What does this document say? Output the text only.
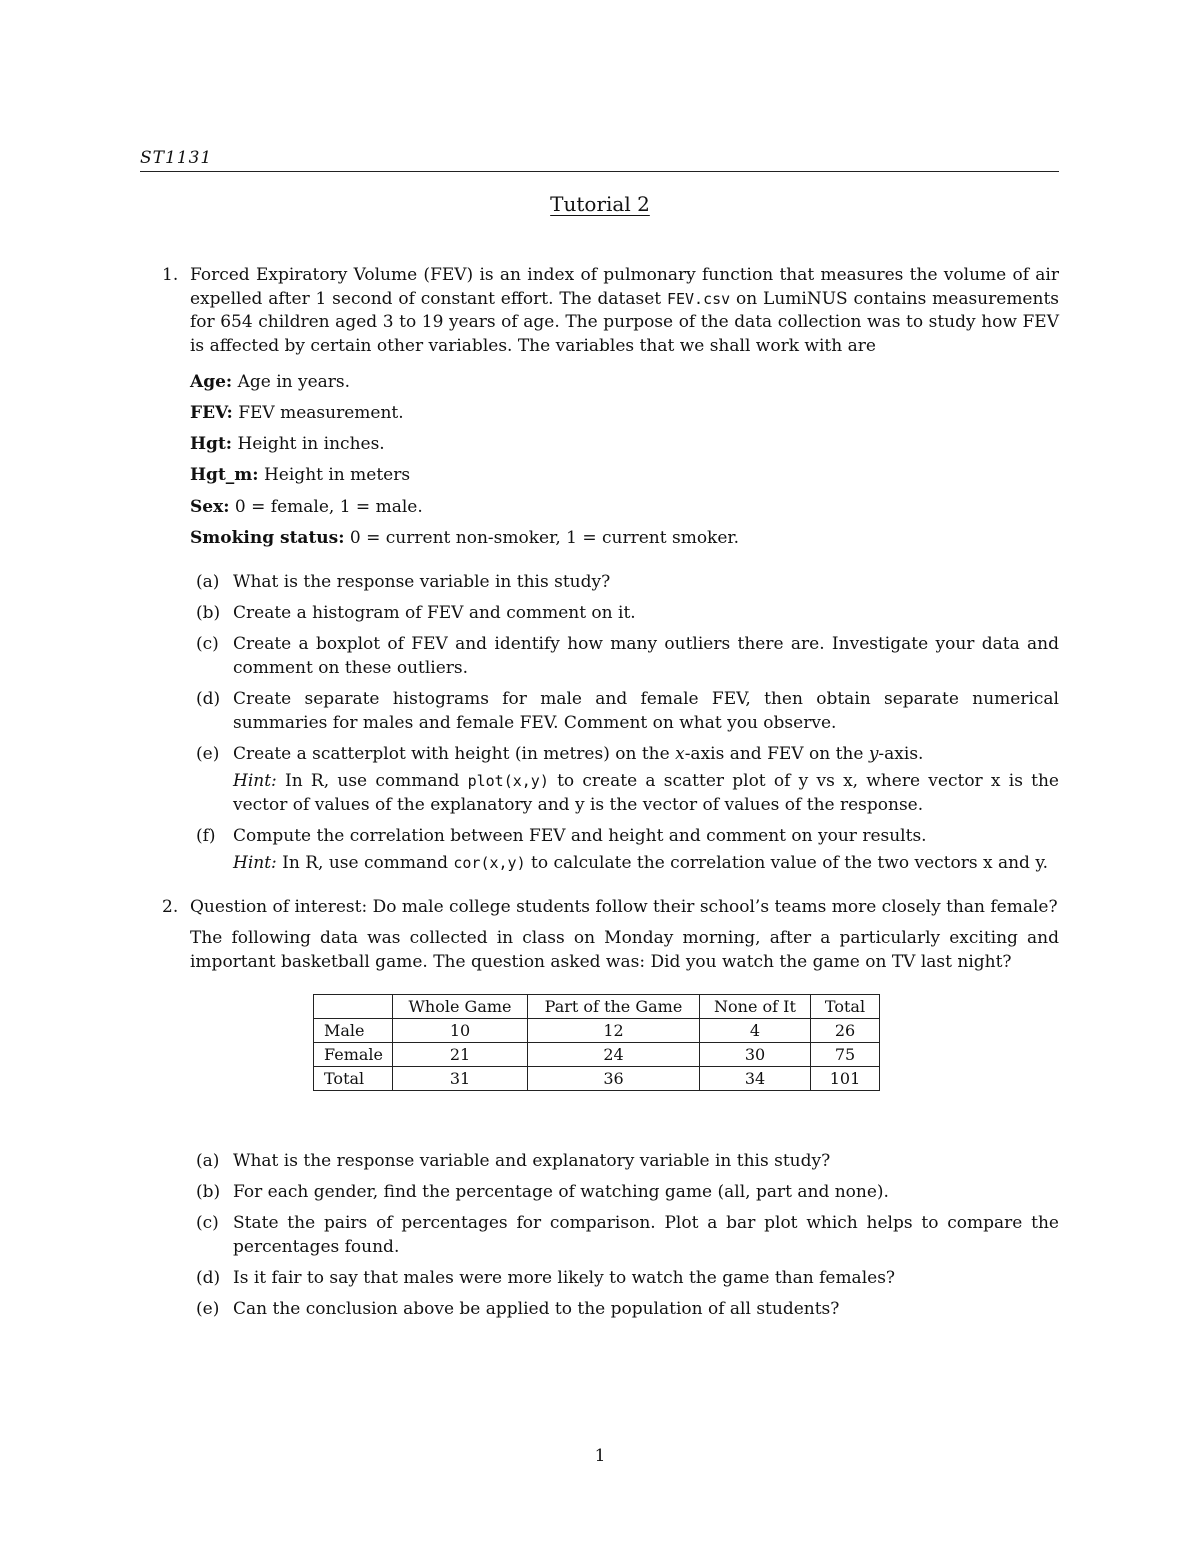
ST1131
Tutorial 2
1. Forced Expiratory Volume (FEV) is an index of pulmonary function that measures the volume of air expelled after 1 second of constant effort. The dataset FEV.csv on LumiNUS contains measurements for 654 children aged 3 to 19 years of age. The purpose of the data collection was to study how FEV is affected by certain other variables. The variables that we shall work with are

Age: Age in years.
FEV: FEV measurement.
Hgt: Height in inches.
Hgt_m: Height in meters
Sex: 0 = female, 1 = male.
Smoking status: 0 = current non-smoker, 1 = current smoker.
(a) What is the response variable in this study?
(b) Create a histogram of FEV and comment on it.
(c) Create a boxplot of FEV and identify how many outliers there are. Investigate your data and comment on these outliers.
(d) Create separate histograms for male and female FEV, then obtain separate numerical summaries for males and female FEV. Comment on what you observe.
(e) Create a scatterplot with height (in metres) on the x-axis and FEV on the y-axis.
Hint: In R, use command plot(x,y) to create a scatter plot of y vs x, where vector x is the vector of values of the explanatory and y is the vector of values of the response.
(f) Compute the correlation between FEV and height and comment on your results.
Hint: In R, use command cor(x,y) to calculate the correlation value of the two vectors x and y.
2. Question of interest: Do male college students follow their school’s teams more closely than female?

The following data was collected in class on Monday morning, after a particularly exciting and important basketball game. The question asked was: Did you watch the game on TV last night?

	Whole Game	Part of the Game	None of It	Total
Male	10	12	4	26
Female	21	24	30	75
Total	31	36	34	101
(a) What is the response variable and explanatory variable in this study?
(b) For each gender, find the percentage of watching game (all, part and none).
(c) State the pairs of percentages for comparison. Plot a bar plot which helps to compare the percentages found.
(d) Is it fair to say that males were more likely to watch the game than females?
(e) Can the conclusion above be applied to the population of all students?
1
